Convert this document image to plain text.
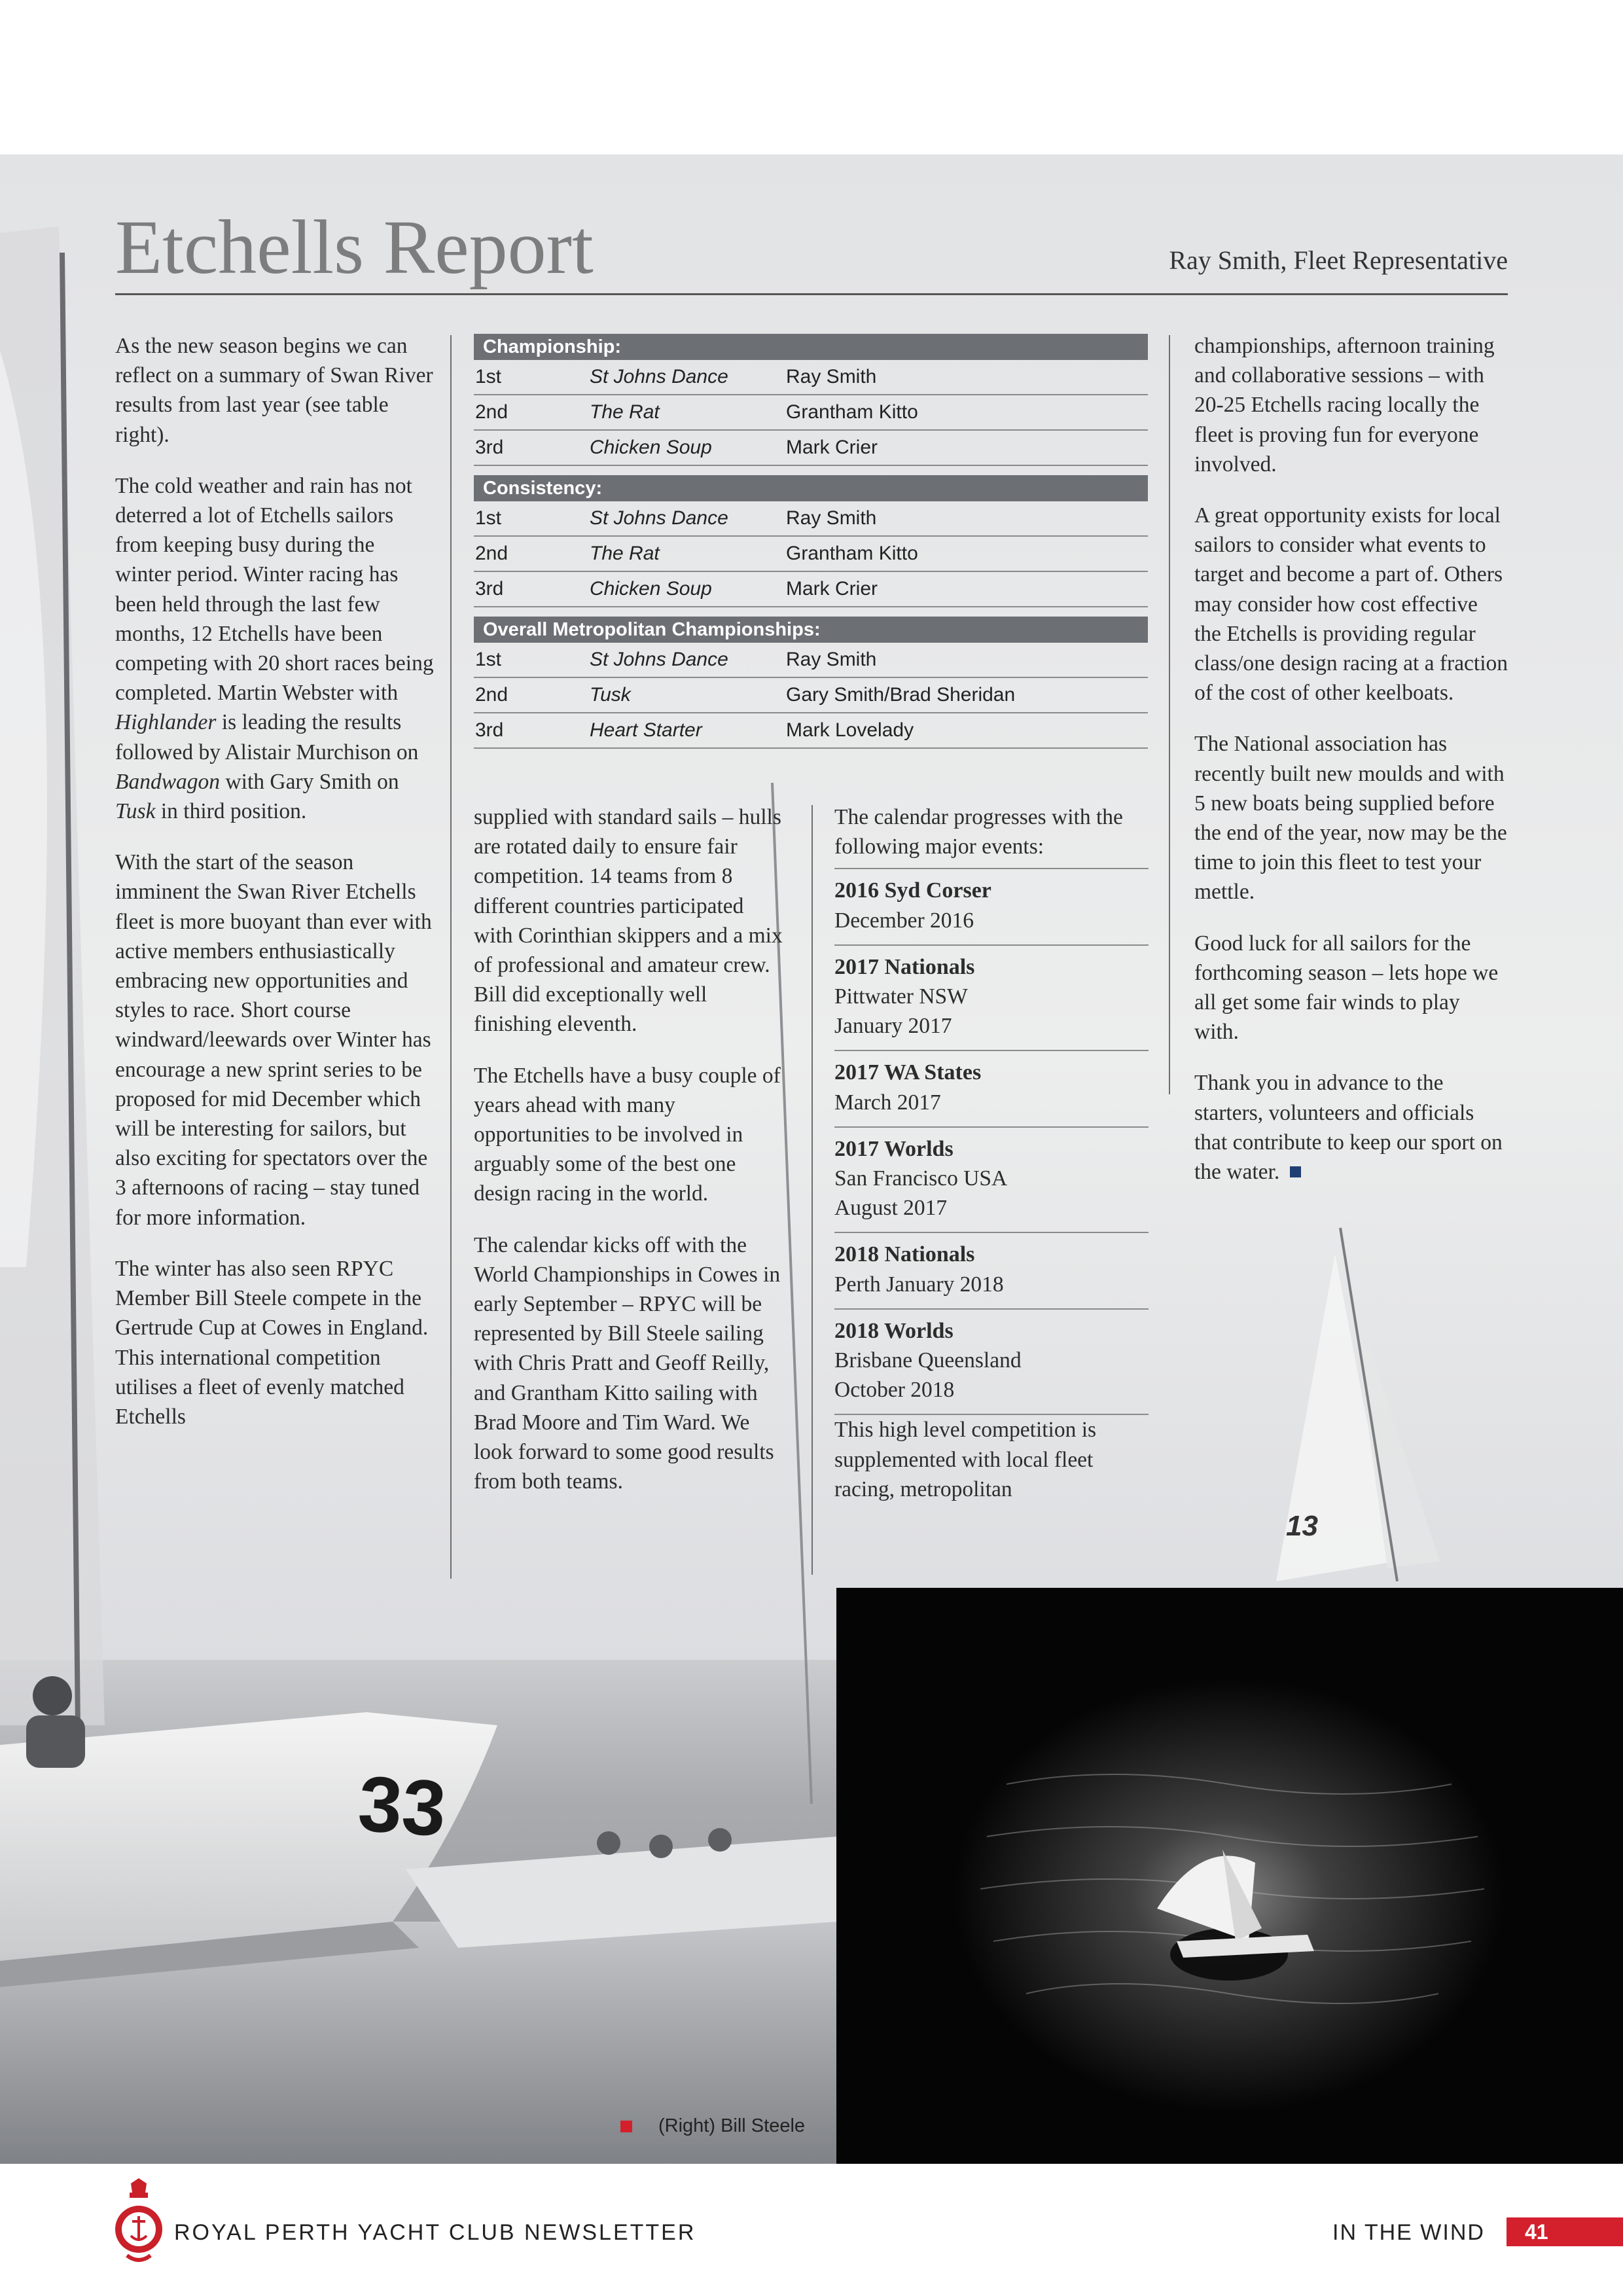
13
33
Etchells Report	Ray Smith, Fleet Representative

As the new season begins we can reflect on a summary of Swan River results from last year (see table right).

The cold weather and rain has not deterred a lot of Etchells sailors from keeping busy during the winter period. Winter racing has been held through the last few months, 12 Etchells have been competing with 20 short races being completed. Martin Webster with Highlander is leading the results followed by Alistair Murchison on Bandwagon with Gary Smith on Tusk in third position.

With the start of the season imminent the Swan River Etchells fleet is more buoyant than ever with active members enthusiastically embracing new opportunities and styles to race. Short course windward/leewards over Winter has encourage a new sprint series to be proposed for mid December which will be interesting for sailors, but also exciting for spectators over the 3 afternoons of racing – stay tuned for more information.

The winter has also seen RPYC Member Bill Steele compete in the Gertrude Cup at Cowes in England. This international competition utilises a fleet of evenly matched Etchells

Championship:
1st	St Johns Dance	Ray Smith
2nd	The Rat	Grantham Kitto
3rd	Chicken Soup	Mark Crier
Consistency:
1st	St Johns Dance	Ray Smith
2nd	The Rat	Grantham Kitto
3rd	Chicken Soup	Mark Crier
Overall Metropolitan Championships:
1st	St Johns Dance	Ray Smith
2nd	Tusk	Gary Smith/Brad Sheridan
3rd	Heart Starter	Mark Lovelady

supplied with standard sails – hulls are rotated daily to ensure fair competition. 14 teams from 8 different countries participated with Corinthian skippers and a mix of professional and amateur crew. Bill did exceptionally well finishing eleventh.

The Etchells have a busy couple of years ahead with many opportunities to be involved in arguably some of the best one design racing in the world.

The calendar kicks off with the World Championships in Cowes in early September – RPYC will be represented by Bill Steele sailing with Chris Pratt and Geoff Reilly, and Grantham Kitto sailing with Brad Moore and Tim Ward. We look forward to some good results from both teams.

The calendar progresses with the following major events:

2016 Syd Corser
December 2016
2017 Nationals
Pittwater NSW
January 2017
2017 WA States
March 2017
2017 Worlds
San Francisco USA
August 2017
2018 Nationals
Perth January 2018
2018 Worlds
Brisbane Queensland
October 2018

This high level competition is supplemented with local fleet racing, metropolitan

championships, afternoon training and collaborative sessions – with 20-25 Etchells racing locally the fleet is proving fun for everyone involved.

A great opportunity exists for local sailors to consider what events to target and become a part of. Others may consider how cost effective the Etchells is providing regular class/one design racing at a fraction of the cost of other keelboats.

The National association has recently built new moulds and with 5 new boats being supplied before the end of the year, now may be the time to join this fleet to test your mettle.

Good luck for all sailors for the forthcoming season – lets hope we all get some fair winds to play with.

Thank you in advance to the starters, volunteers and officials that contribute to keep our sport on the water.

(Right) Bill Steele
ROYAL PERTH YACHT CLUB NEWSLETTER	IN THE WIND	41
